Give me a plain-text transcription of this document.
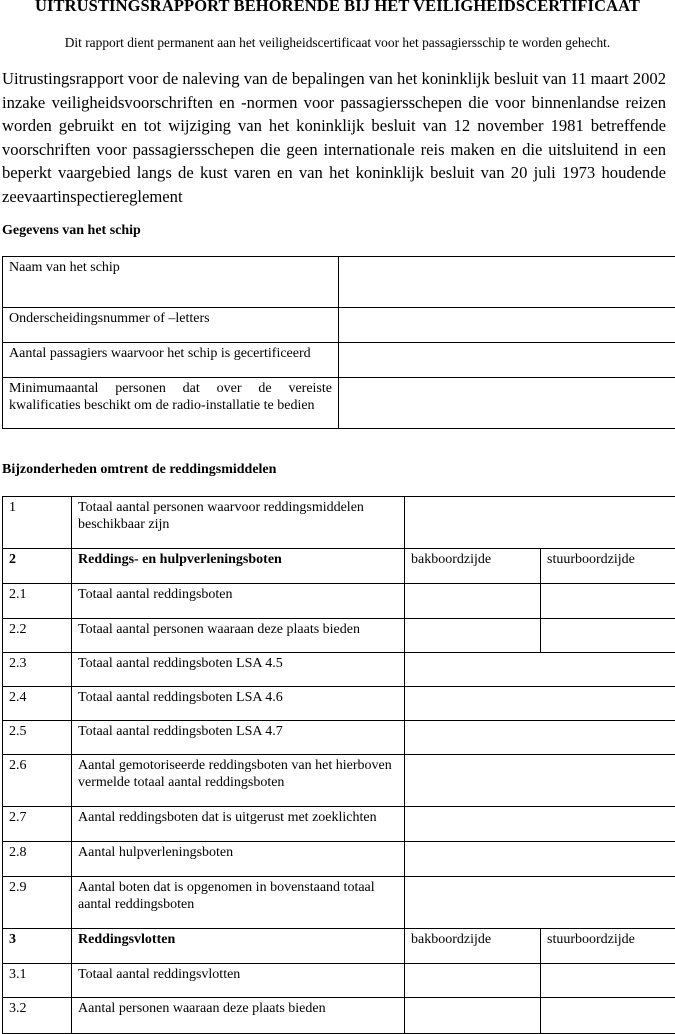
UITRUSTINGSRAPPORT BEHORENDE BIJ HET VEILIGHEIDSCERTIFICAAT
Dit rapport dient permanent aan het veiligheidscertificaat voor het passagiersschip te worden gehecht.
Uitrustingsrapport voor de naleving van de bepalingen van het koninklijk besluit van 11 maart 2002 inzake veiligheidsvoorschriften en -normen voor passagiersschepen die voor binnenlandse reizen worden gebruikt en tot wijziging van het koninklijk besluit van 12 november 1981 betreffende voorschriften voor passagiersschepen die geen internationale reis maken en die uitsluitend in een beperkt vaargebied langs de kust varen en van het koninklijk besluit van 20 juli 1973 houdende zeevaartinspectiereglement
Gegevens van het schip
Naam van het schip	
Onderscheidingsnummer of –letters	
Aantal passagiers waarvoor het schip is gecertificeerd	
Minimumaantal personen dat over de vereiste kwalificaties beschikt om de radio-installatie te bedien	
Bijzonderheden omtrent de reddingsmiddelen
1	Totaal aantal personen waarvoor reddingsmiddelen beschikbaar zijn		
2	Reddings- en hulpverleningsboten	bakboordzijde	stuurboordzijde
2.1	Totaal aantal reddingsboten		
2.2	Totaal aantal personen waaraan deze plaats bieden		
2.3	Totaal aantal reddingsboten LSA 4.5		
2.4	Totaal aantal reddingsboten LSA 4.6		
2.5	Totaal aantal reddingsboten LSA 4.7		
2.6	Aantal gemotoriseerde reddingsboten van het hierboven vermelde totaal aantal reddingsboten		
2.7	Aantal reddingsboten dat is uitgerust met zoeklichten		
2.8	Aantal hulpverleningsboten		
2.9	Aantal boten dat is opgenomen in bovenstaand totaal aantal reddingsboten		
3	Reddingsvlotten	bakboordzijde	stuurboordzijde
3.1	Totaal aantal reddingsvlotten		
3.2	Aantal personen waaraan deze plaats bieden		
